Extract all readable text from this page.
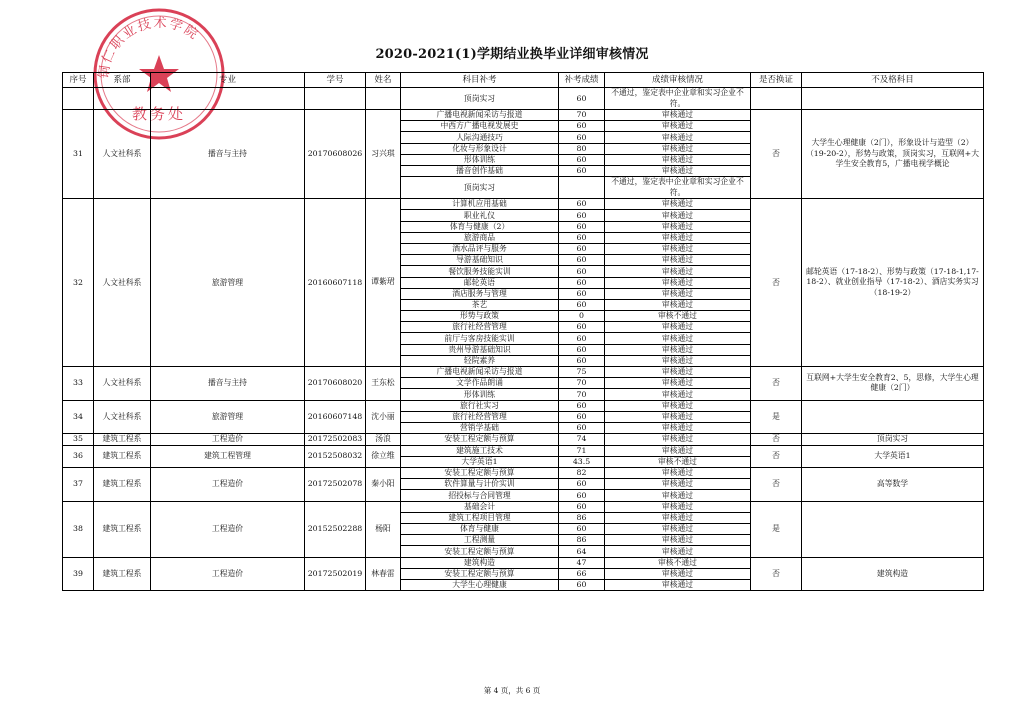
铜仁职业技术学院
教务处
2020-2021(1)学期结业换毕业详细审核情况
序号	系部	专业	学号	姓名	科目补考	补考成绩	成绩审核情况	是否换证	不及格科目
					顶岗实习	60	不通过，鉴定表中企业章和实习企业不符。		
31	人文社科系	播音与主持	20170608026	习兴琪	广播电视新闻采访与报道	70	审核通过	否	大学生心理健康（2门），形象设计与造型（2）（19-20-2），形势与政策，顶岗实习，互联网+大学生安全教育5，广播电视学概论
					中西方广播电视发展史	60	审核通过		
					人际沟通技巧	60	审核通过		
					化妆与形象设计	80	审核通过		
					形体训练	60	审核通过		
					播音创作基础	60	审核通过		
					顶岗实习		不通过，鉴定表中企业章和实习企业不符。		
32	人文社科系	旅游管理	20160607118	谭紫珺	计算机应用基础	60	审核通过	否	邮轮英语（17-18-2）、形势与政策（17-18-1,17-18-2）、就业创业指导（17-18-2）、酒店实务实习（18-19-2）
					职业礼仪	60	审核通过		
					体育与健康（2）	60	审核通过		
					旅游商品	60	审核通过		
					酒水品评与服务	60	审核通过		
					导游基础知识	60	审核通过		
					餐饮服务技能实训	60	审核通过		
					邮轮英语	60	审核通过		
					酒店服务与管理	60	审核通过		
					茶艺	60	审核通过		
					形势与政策	0	审核不通过		
					旅行社经营管理	60	审核通过		
					前厅与客房技能实训	60	审核通过		
					贵州导游基础知识	60	审核通过		
					轻院素养	60	审核通过		
33	人文社科系	播音与主持	20170608020	王东松	广播电视新闻采访与报道	75	审核通过	否	互联网+大学生安全教育2、5，思修，大学生心理健康（2门）
					文学作品朗诵	70	审核通过		
					形体训练	70	审核通过		
34	人文社科系	旅游管理	20160607148	沈小丽	旅行社实习	60	审核通过	是	
					旅行社经营管理	60	审核通过		
					营销学基础	60	审核通过		
35	建筑工程系	工程造价	20172502083	汤浪	安装工程定额与预算	74	审核通过	否	顶岗实习
36	建筑工程系	建筑工程管理	20152508032	徐立维	建筑施工技术	71	审核通过	否	大学英语1
					大学英语1	43.5	审核不通过		
37	建筑工程系	工程造价	20172502078	秦小阳	安装工程定额与预算	82	审核通过	否	高等数学
					软件算量与计价实训	60	审核通过		
					招投标与合同管理	60	审核通过		
38	建筑工程系	工程造价	20152502288	杨阳	基础会计	60	审核通过	是	
					建筑工程项目管理	86	审核通过		
					体育与健康	60	审核通过		
					工程测量	86	审核通过		
					安装工程定额与预算	64	审核通过		
39	建筑工程系	工程造价	20172502019	林春雷	建筑构造	47	审核不通过	否	建筑构造
					安装工程定额与预算	66	审核通过		
					大学生心理健康	60	审核通过		
第 4 页，共 6 页
